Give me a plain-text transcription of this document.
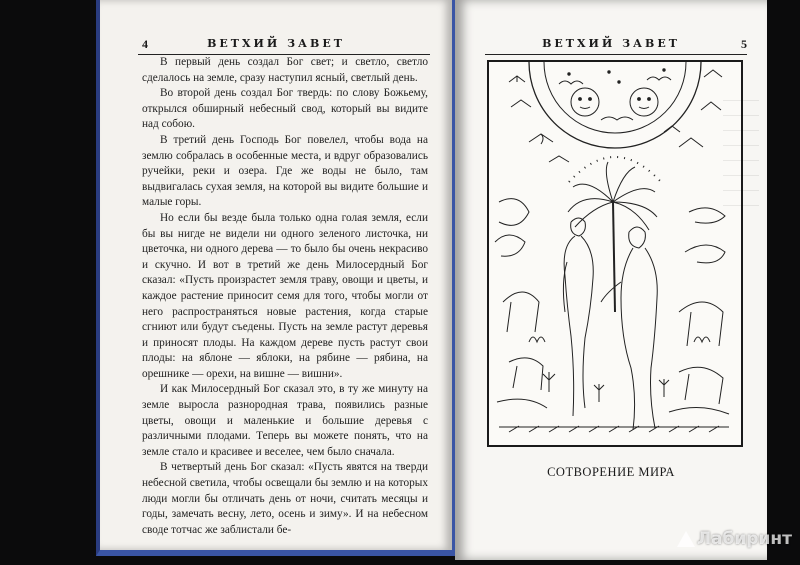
4	ВЕТХИЙ ЗАВЕТ

В первый день создал Бог свет; и светло, светло сделалось на земле, сразу наступил ясный, светлый день.

Во второй день создал Бог твердь: по слову Божьему, открылся обширный небесный свод, который вы видите над собою.

В третий день Господь Бог повелел, чтобы вода на землю собралась в особенные места, и вдруг образовались ручейки, реки и озера. Где же воды не было, там выдвигалась сухая земля, на которой вы видите большие и малые горы.

Но если бы везде была только одна голая земля, если бы вы нигде не видели ни одного зеленого листочка, ни цветочка, ни одного дерева — то было бы очень некрасиво и скучно. И вот в третий же день Милосердный Бог сказал: «Пусть произрастет земля траву, овощи и цветы, и каждое растение приносит семя для того, чтобы могли от него распространяться новые растения, когда старые сгниют или будут съедены. Пусть на земле растут деревья и приносят плоды. На каждом дереве пусть растут свои плоды: на яблоне — яблоки, на рябине — рябина, на орешнике — орехи, на вишне — вишни».

И как Милосердный Бог сказал это, в ту же минуту на земле выросла разнородная трава, появились разные цветы, овощи и маленькие и большие деревья с различными плодами. Теперь вы можете понять, что на земле стало и красивее и веселее, чем было сначала.

В четвертый день Бог сказал: «Пусть явятся на тверди небесной светила, чтобы освещали бы землю и на которых люди могли бы отличать день от ночи, считать месяцы и годы, замечать весну, лето, осень и зиму». И на небесном своде тотчас же заблистали бе-

ВЕТХИЙ ЗАВЕТ	5
СОТВОРЕНИЕ МИРА
Лабиринт
